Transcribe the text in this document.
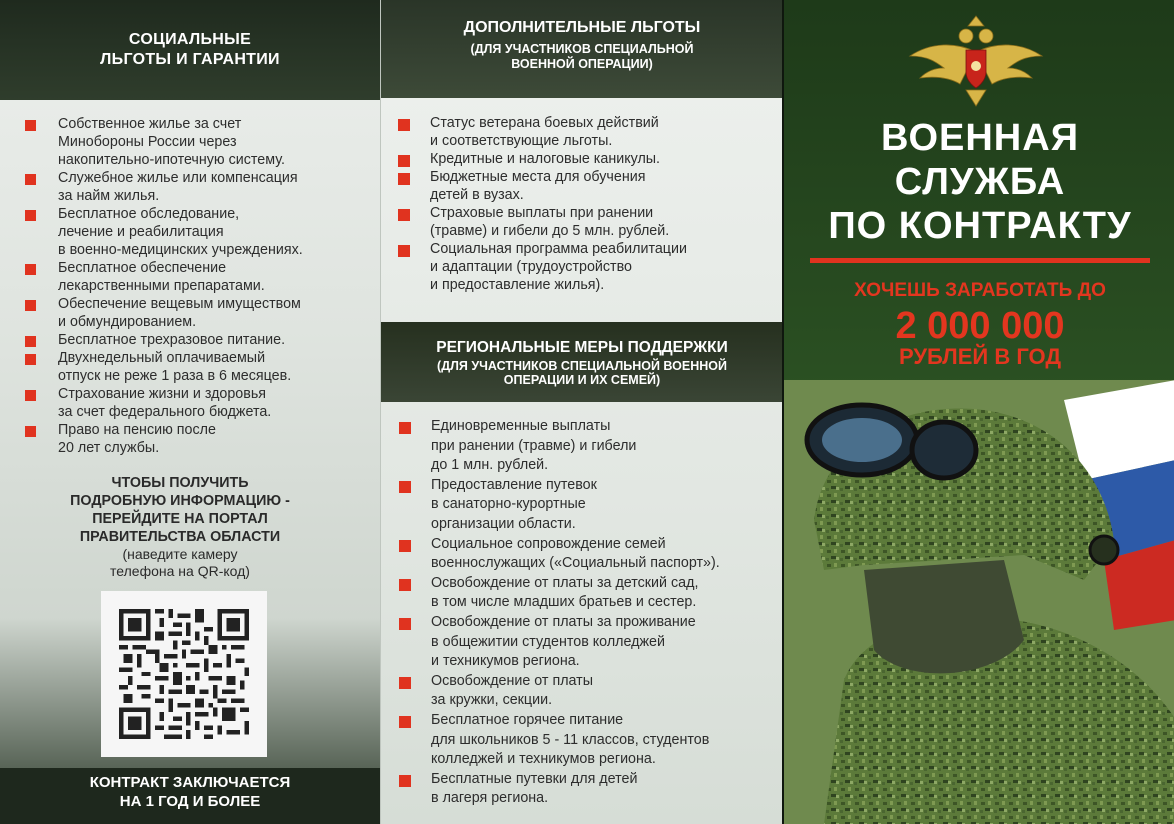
СОЦИАЛЬНЫЕ
ЛЬГОТЫ И ГАРАНТИИ
Собственное жилье за счет
Минобороны России через
накопительно-ипотечную систему.
Служебное жилье или компенсация
за найм жилья.
Бесплатное обследование,
лечение и реабилитация
в военно-медицинских учреждениях.
Бесплатное обеспечение
лекарственными препаратами.
Обеспечение вещевым имуществом
и обмундированием.
Бесплатное трехразовое питание.
Двухнедельный оплачиваемый
отпуск не реже 1 раза в 6 месяцев.
Страхование жизни и здоровья
за счет федерального бюджета.
Право на пенсию после
20 лет службы.
ЧТОБЫ ПОЛУЧИТЬ
ПОДРОБНУЮ ИНФОРМАЦИЮ -
ПЕРЕЙДИТЕ НА ПОРТАЛ
ПРАВИТЕЛЬСТВА ОБЛАСТИ
(наведите камеру
телефона на QR-код)
КОНТРАКТ ЗАКЛЮЧАЕТСЯ
НА 1 ГОД И БОЛЕЕ
ДОПОЛНИТЕЛЬНЫЕ ЛЬГОТЫ
(ДЛЯ УЧАСТНИКОВ СПЕЦИАЛЬНОЙ
ВОЕННОЙ ОПЕРАЦИИ)
Статус ветерана боевых действий
и соответствующие льготы.
Кредитные и налоговые каникулы.
Бюджетные места для обучения
детей в вузах.
Страховые выплаты при ранении
(травме) и гибели до 5 млн. рублей.
Социальная программа реабилитации
и адаптации (трудоустройство
и предоставление жилья).
РЕГИОНАЛЬНЫЕ МЕРЫ ПОДДЕРЖКИ
(ДЛЯ УЧАСТНИКОВ СПЕЦИАЛЬНОЙ ВОЕННОЙ
ОПЕРАЦИИ И ИХ СЕМЕЙ)
Единовременные выплаты
при ранении (травме) и гибели
до 1 млн. рублей.
Предоставление путевок
в санаторно-курортные
организации области.
Социальное сопровождение семей
военнослужащих («Социальный паспорт»).
Освобождение от платы за детский сад,
в том числе младших братьев и сестер.
Освобождение от платы за проживание
в общежитии студентов колледжей
и техникумов региона.
Освобождение от платы
за кружки, секции.
Бесплатное горячее питание
для школьников 5 - 11 классов, студентов
колледжей и техникумов региона.
Бесплатные путевки для детей
в лагеря региона.
ВОЕННАЯ
СЛУЖБА
ПО КОНТРАКТУ
ХОЧЕШЬ ЗАРАБОТАТЬ ДО
2 000 000
РУБЛЕЙ В ГОД
